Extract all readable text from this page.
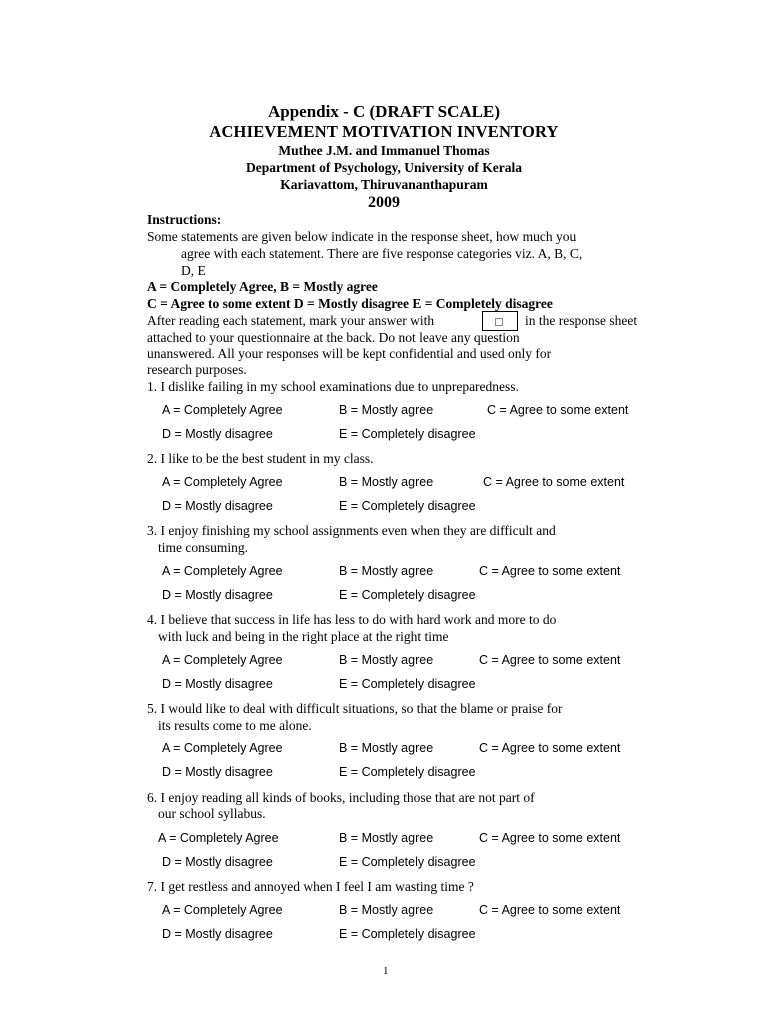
Appendix - C (DRAFT SCALE)
ACHIEVEMENT MOTIVATION INVENTORY
Muthee J.M. and Immanuel Thomas
Department of Psychology, University of Kerala
Kariavattom, Thiruvananthapuram
2009
Instructions:
Some statements are given below indicate in the response sheet, how much you
agree with each statement. There are five response categories viz. A, B, C,
D, E
A = Completely Agree, B = Mostly agree
C = Agree to some extent D = Mostly disagree E = Completely disagree
After reading each statement, mark your answer with	in the response sheet
attached to your questionnaire at the back. Do not leave any question
unanswered. All your responses will be kept confidential and used only for
research purposes.
1. I dislike failing in my school examinations due to unpreparedness.
A = Completely Agree	B = Mostly agree	C = Agree to some extent
D = Mostly disagree	E = Completely disagree
2. I like to be the best student in my class.
A = Completely Agree	B = Mostly agree	C = Agree to some extent
D = Mostly disagree	E = Completely disagree
3. I enjoy finishing my school assignments even when they are difficult and
time consuming.
A = Completely Agree	B = Mostly agree	C = Agree to some extent
D = Mostly disagree	E = Completely disagree
4. I believe that success in life has less to do with hard work and more to do
with luck and being in the right place at the right time
A = Completely Agree	B = Mostly agree	C = Agree to some extent
D = Mostly disagree	E = Completely disagree
5. I would like to deal with difficult situations, so that the blame or praise for
its results come to me alone.
A = Completely Agree	B = Mostly agree	C = Agree to some extent
D = Mostly disagree	E = Completely disagree
6. I enjoy reading all kinds of books, including those that are not part of
our school syllabus.
A = Completely Agree	B = Mostly agree	C = Agree to some extent
D = Mostly disagree	E = Completely disagree
7. I get restless and annoyed when I feel I am wasting time ?
A = Completely Agree	B = Mostly agree	C = Agree to some extent
D = Mostly disagree	E = Completely disagree
1
